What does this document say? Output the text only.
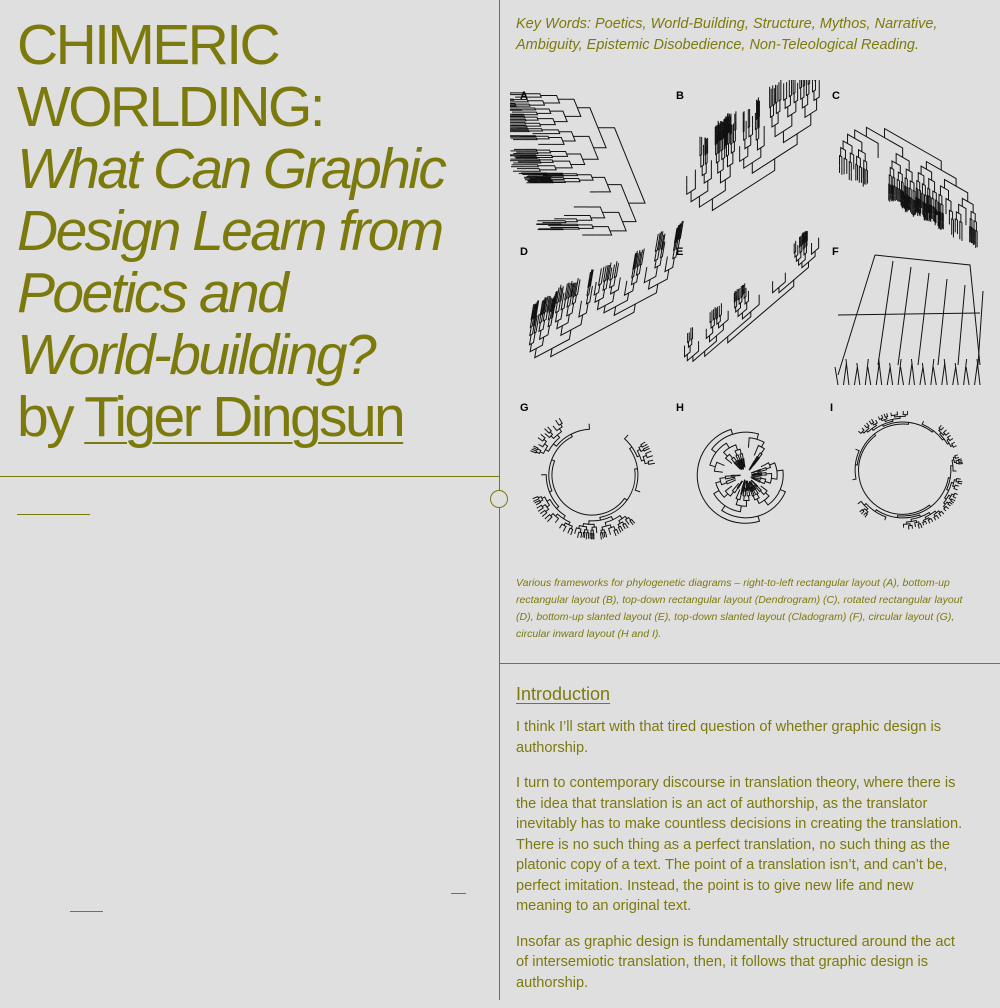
CHIMERIC
WORLDING:
What Can Graphic
Design Learn from
Poetics and
World-building?
by Tiger Dingsun
Key Words: Poetics, World-Building, Structure, Mythos, Narrative, Ambiguity, Epistemic Disobedience, Non-Teleological Reading.
A	B	C
D	E	F
G	H	I
Various frameworks for phylogenetic diagrams – right-to-left rectangular layout (A), bottom-up rectangular layout (B), top-down rectangular layout (Dendrogram) (C), rotated rectangular layout (D), bottom-up slanted layout (E), top-down slanted layout (Cladogram) (F), circular layout (G), circular inward layout (H and I).
Introduction

I think I’ll start with that tired question of whether graphic design is authorship.

I turn to contemporary discourse in translation theory, where there is the idea that translation is an act of authorship, as the translator inevitably has to make countless decisions in creating the translation. There is no such thing as a perfect translation, no such thing as the platonic copy of a text. The point of a translation isn’t, and can’t be, perfect imitation. Instead, the point is to give new life and new meaning to an original text.

Insofar as graphic design is fundamentally structured around the act of intersemiotic translation, then, it follows that graphic design is authorship.
